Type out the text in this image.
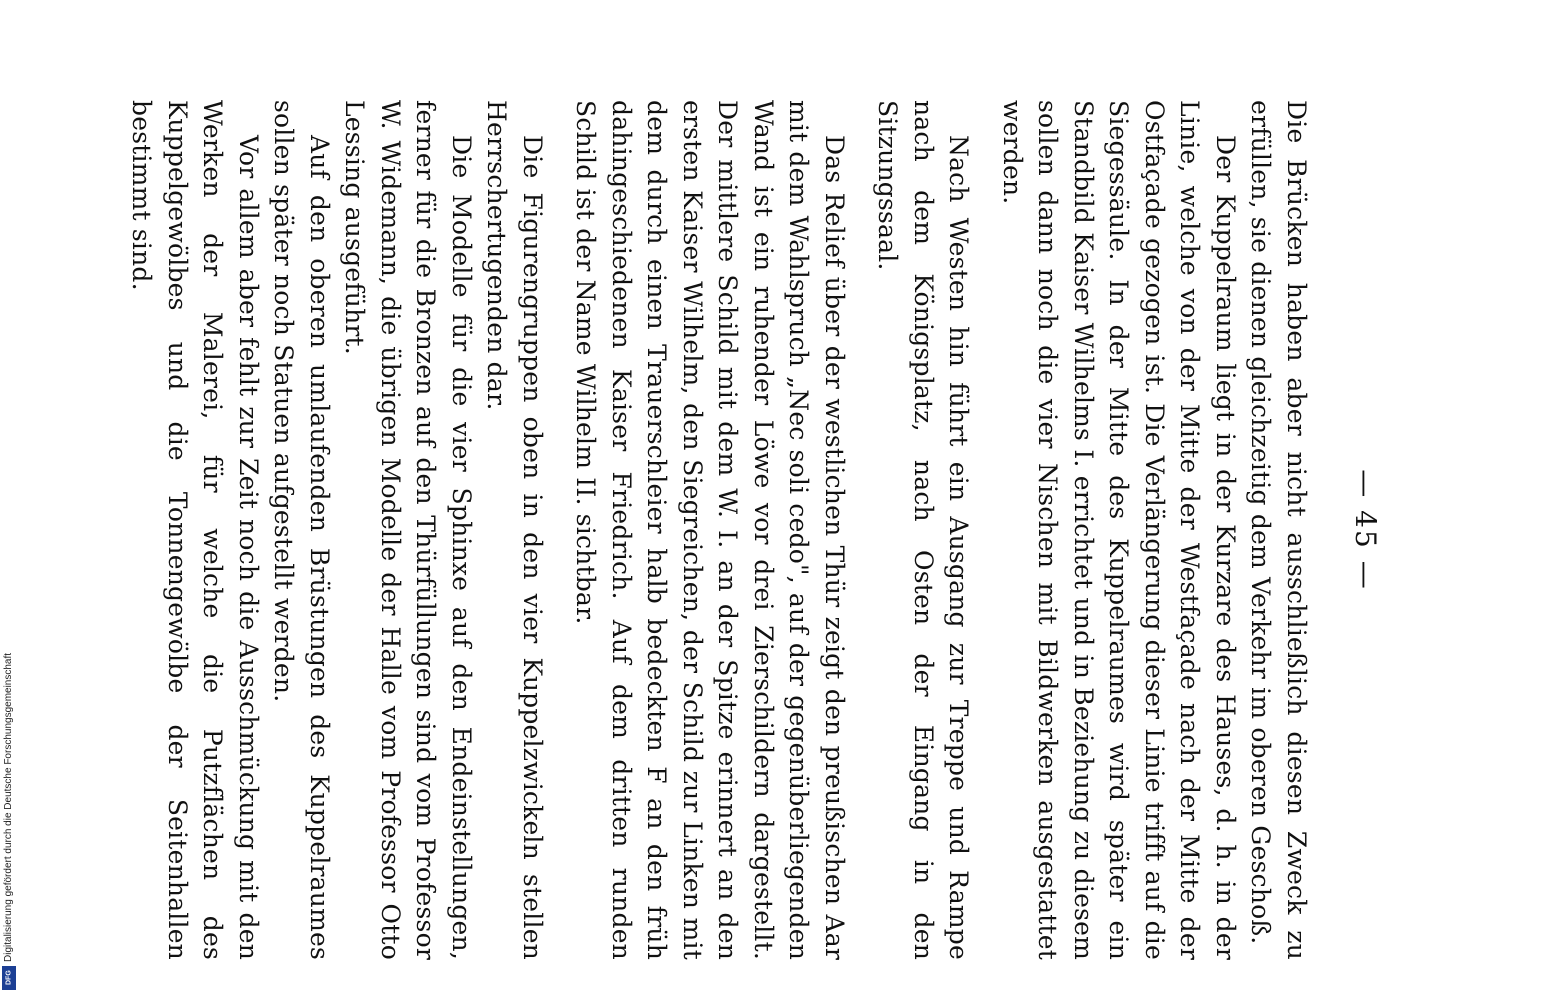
— 45 —

Die Brücken haben aber nicht ausschließlich diesen Zweck zu erfüllen, sie dienen gleichzeitig dem Verkehr im oberen Geschoß.

Der Kuppelraum liegt in der Kurzare des Hauses, d. h. in der Linie, welche von der Mitte der Westfaçade nach der Mitte der Ostfaçade gezogen ist. Die Verlängerung dieser Linie trifft auf die Siegessäule. In der Mitte des Kuppelraumes wird später ein Standbild Kaiser Wilhelms I. errichtet und in Beziehung zu diesem sollen dann noch die vier Nischen mit Bildwerken ausgestattet werden.

Nach Westen hin führt ein Ausgang zur Treppe und Rampe nach dem Königsplatz, nach Osten der Eingang in den Sitzungssaal.

Das Relief über der westlichen Thür zeigt den preußischen Aar mit dem Wahlspruch „Nec soli cedo", auf der gegenüberliegenden Wand ist ein ruhender Löwe vor drei Zierschildern dargestellt. Der mittlere Schild mit dem W. I. an der Spitze erinnert an den ersten Kaiser Wilhelm, den Siegreichen, der Schild zur Linken mit dem durch einen Trauerschleier halb bedeckten F an den früh dahingeschiedenen Kaiser Friedrich. Auf dem dritten runden Schild ist der Name Wilhelm II. sichtbar.

Die Figurengruppen oben in den vier Kuppelzwickeln stellen Herrschertugenden dar.

Die Modelle für die vier Sphinxe auf den Endeinstellungen, ferner für die Bronzen auf den Thürfüllungen sind vom Professor W. Widemann, die übrigen Modelle der Halle vom Professor Otto Lessing ausgeführt.

Auf den oberen umlaufenden Brüstungen des Kuppelraumes sollen später noch Statuen aufgestellt werden.

Vor allem aber fehlt zur Zeit noch die Ausschmückung mit den Werken der Malerei, für welche die Putzflächen des Kuppelgewölbes und die Tonnengewölbe der Seitenhallen bestimmt sind.

Digitalisierung gefördert durch die Deutsche Forschungsgemeinschaft
DFG
